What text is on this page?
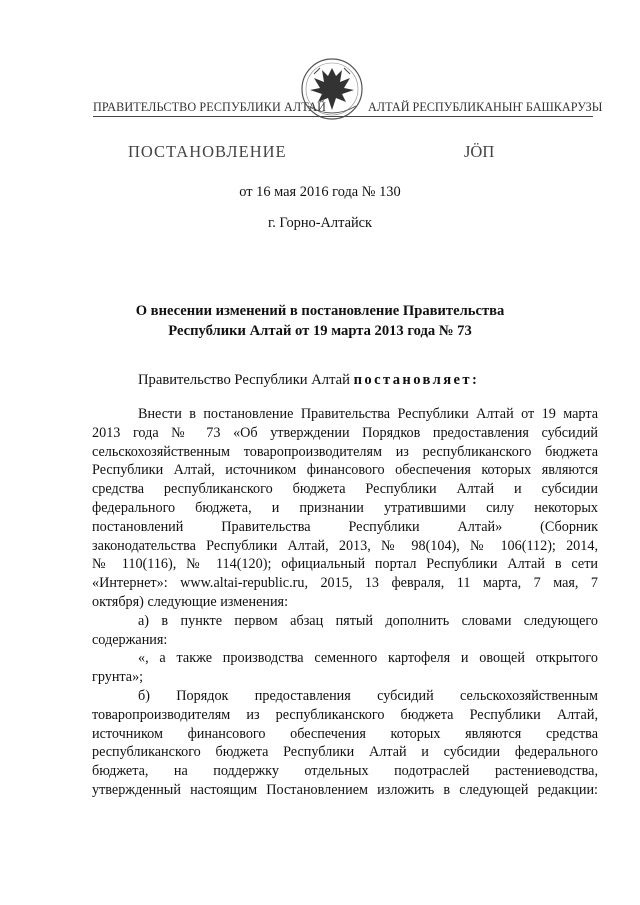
ПРАВИТЕЛЬСТВО РЕСПУБЛИКИ АЛТАЙ	АЛТАЙ РЕСПУБЛИКАНЫҤ БАШКАРУЗЫ
ПОСТАНОВЛЕНИЕ	JӦП
от 16 мая 2016 года № 130
г. Горно-Алтайск
О внесении изменений в постановление Правительства
Республики Алтай от 19 марта 2013 года № 73
Правительство Республики Алтай постановляет:
Внести в постановление Правительства Республики Алтай от 19 марта
2013 года № 73 «Об утверждении Порядков предоставления субсидий
сельскохозяйственным товаропроизводителям из республиканского бюджета
Республики Алтай, источником финансового обеспечения которых являются
средства республиканского бюджета Республики Алтай и субсидии
федерального бюджета, и признании утратившими силу некоторых
постановлений Правительства Республики Алтай» (Сборник
законодательства Республики Алтай, 2013, № 98(104), № 106(112); 2014,
№ 110(116), № 114(120); официальный портал Республики Алтай в сети
«Интернет»: www.altai-republic.ru, 2015, 13 февраля, 11 марта, 7 мая, 7
октября) следующие изменения:
а) в пункте первом абзац пятый дополнить словами следующего
содержания:
«, а также производства семенного картофеля и овощей открытого
грунта»;
б) Порядок предоставления субсидий сельскохозяйственным
товаропроизводителям из республиканского бюджета Республики Алтай,
источником финансового обеспечения которых являются средства
республиканского бюджета Республики Алтай и субсидии федерального
бюджета, на поддержку отдельных подотраслей растениеводства,
утвержденный настоящим Постановлением изложить в следующей редакции:
